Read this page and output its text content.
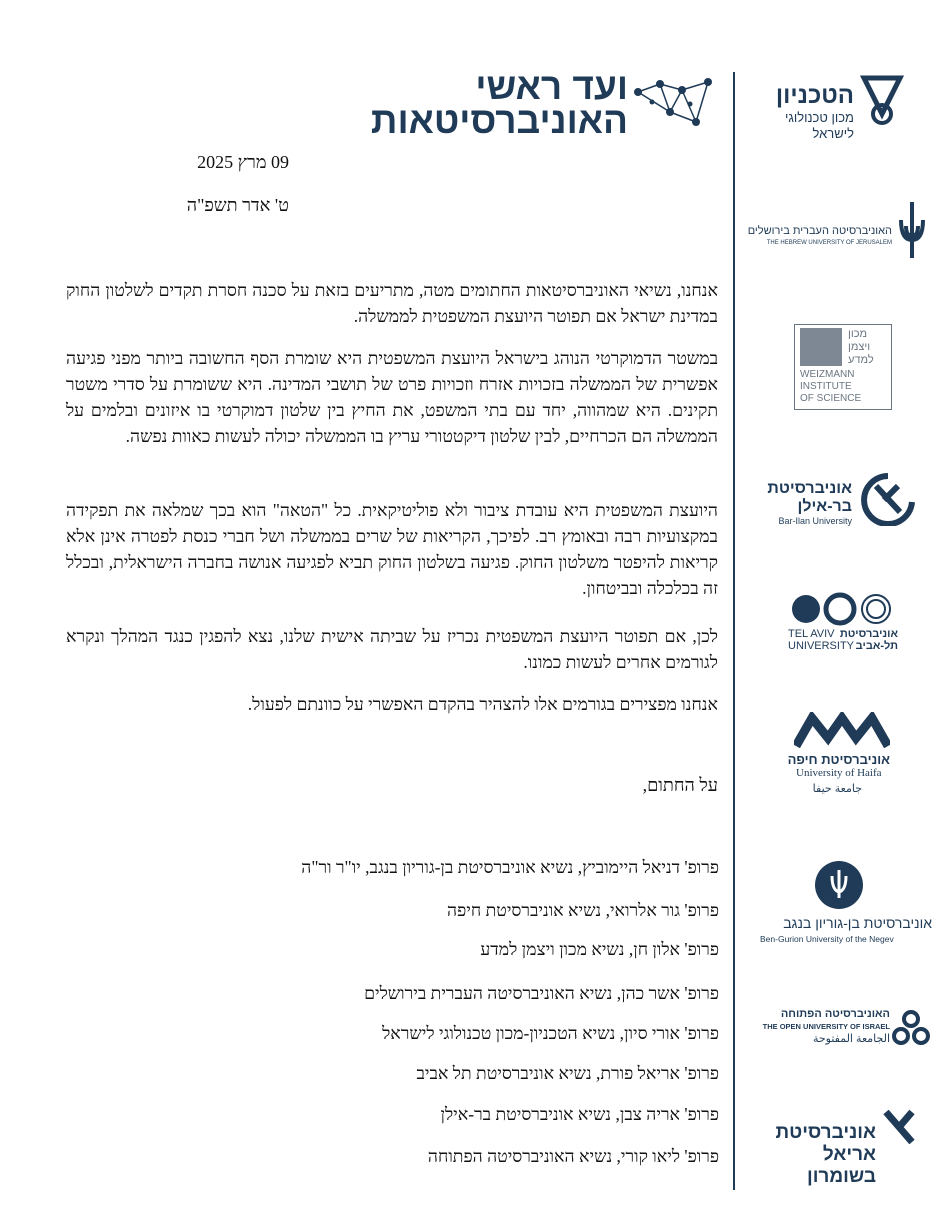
ועד ראשי
האוניברסיטאות
09 מרץ 2025
ט' אדר תשפ"ה

אנחנו, נשיאי האוניברסיטאות החתומים מטה, מתריעים בזאת על סכנה חסרת תקדים לשלטון החוק במדינת ישראל אם תפוטר היועצת המשפטית לממשלה.

במשטר הדמוקרטי הנוהג בישראל היועצת המשפטית היא שומרת הסף החשובה ביותר מפני פגיעה אפשרית של הממשלה בזכויות אזרח וזכויות פרט של תושבי המדינה. היא ששומרת על סדרי משטר תקינים. היא שמהווה, יחד עם בתי המשפט, את החיץ בין שלטון דמוקרטי בו איזונים ובלמים על הממשלה הם הכרחיים, לבין שלטון דיקטטורי עריץ בו הממשלה יכולה לעשות כאוות נפשה.

היועצת המשפטית היא עובדת ציבור ולא פוליטיקאית. כל "הטאה" הוא בכך שמלאה את תפקידה במקצועיות רבה ובאומץ רב. לפיכך, הקריאות של שרים בממשלה ושל חברי כנסת לפטרה אינן אלא קריאות להיפטר משלטון החוק. פגיעה בשלטון החוק תביא לפגיעה אנושה בחברה הישראלית, ובכלל זה בכלכלה ובביטחון.

לכן, אם תפוטר היועצת המשפטית נכריז על שביתה אישית שלנו, נצא להפגין כנגד המהלך ונקרא לגורמים אחרים לעשות כמונו.

אנחנו מפצירים בגורמים אלו להצהיר בהקדם האפשרי על כוונתם לפעול.

על החתום,
פרופ' דניאל היימוביץ, נשיא אוניברסיטת בן-גוריון בנגב, יו"ר ור"ה
פרופ' גור אלרואי, נשיא אוניברסיטת חיפה
פרופ' אלון חן, נשיא מכון ויצמן למדע
פרופ' אשר כהן, נשיא האוניברסיטה העברית בירושלים
פרופ' אורי סיון, נשיא הטכניון-מכון טכנולוגי לישראל
פרופ' אריאל פורת, נשיא אוניברסיטת תל אביב
פרופ' אריה צבן, נשיא אוניברסיטת בר-אילן
פרופ' ליאו קורי, נשיא האוניברסיטה הפתוחה
הטכניון
מכון טכנולוגי
לישראל
האוניברסיטה העברית בירושלים
THE HEBREW UNIVERSITY OF JERUSALEM
מכון
ויצמן
למדע
WEIZMANN
INSTITUTE
OF SCIENCE
אוניברסיטת
בר-אילן
Bar-Ilan University
TEL AVIV
UNIVERSITY
אוניברסיטת
תל-אביב
אוניברסיטת חיפה
University of Haifa
جامعة حيفا
אוניברסיטת בן-גוריון בנגב
Ben-Gurion University of the Negev
האוניברסיטה הפתוחה
THE OPEN UNIVERSITY OF ISRAEL
الجامعة المفتوحة
אוניברסיטת
אריאל
בשומרון
